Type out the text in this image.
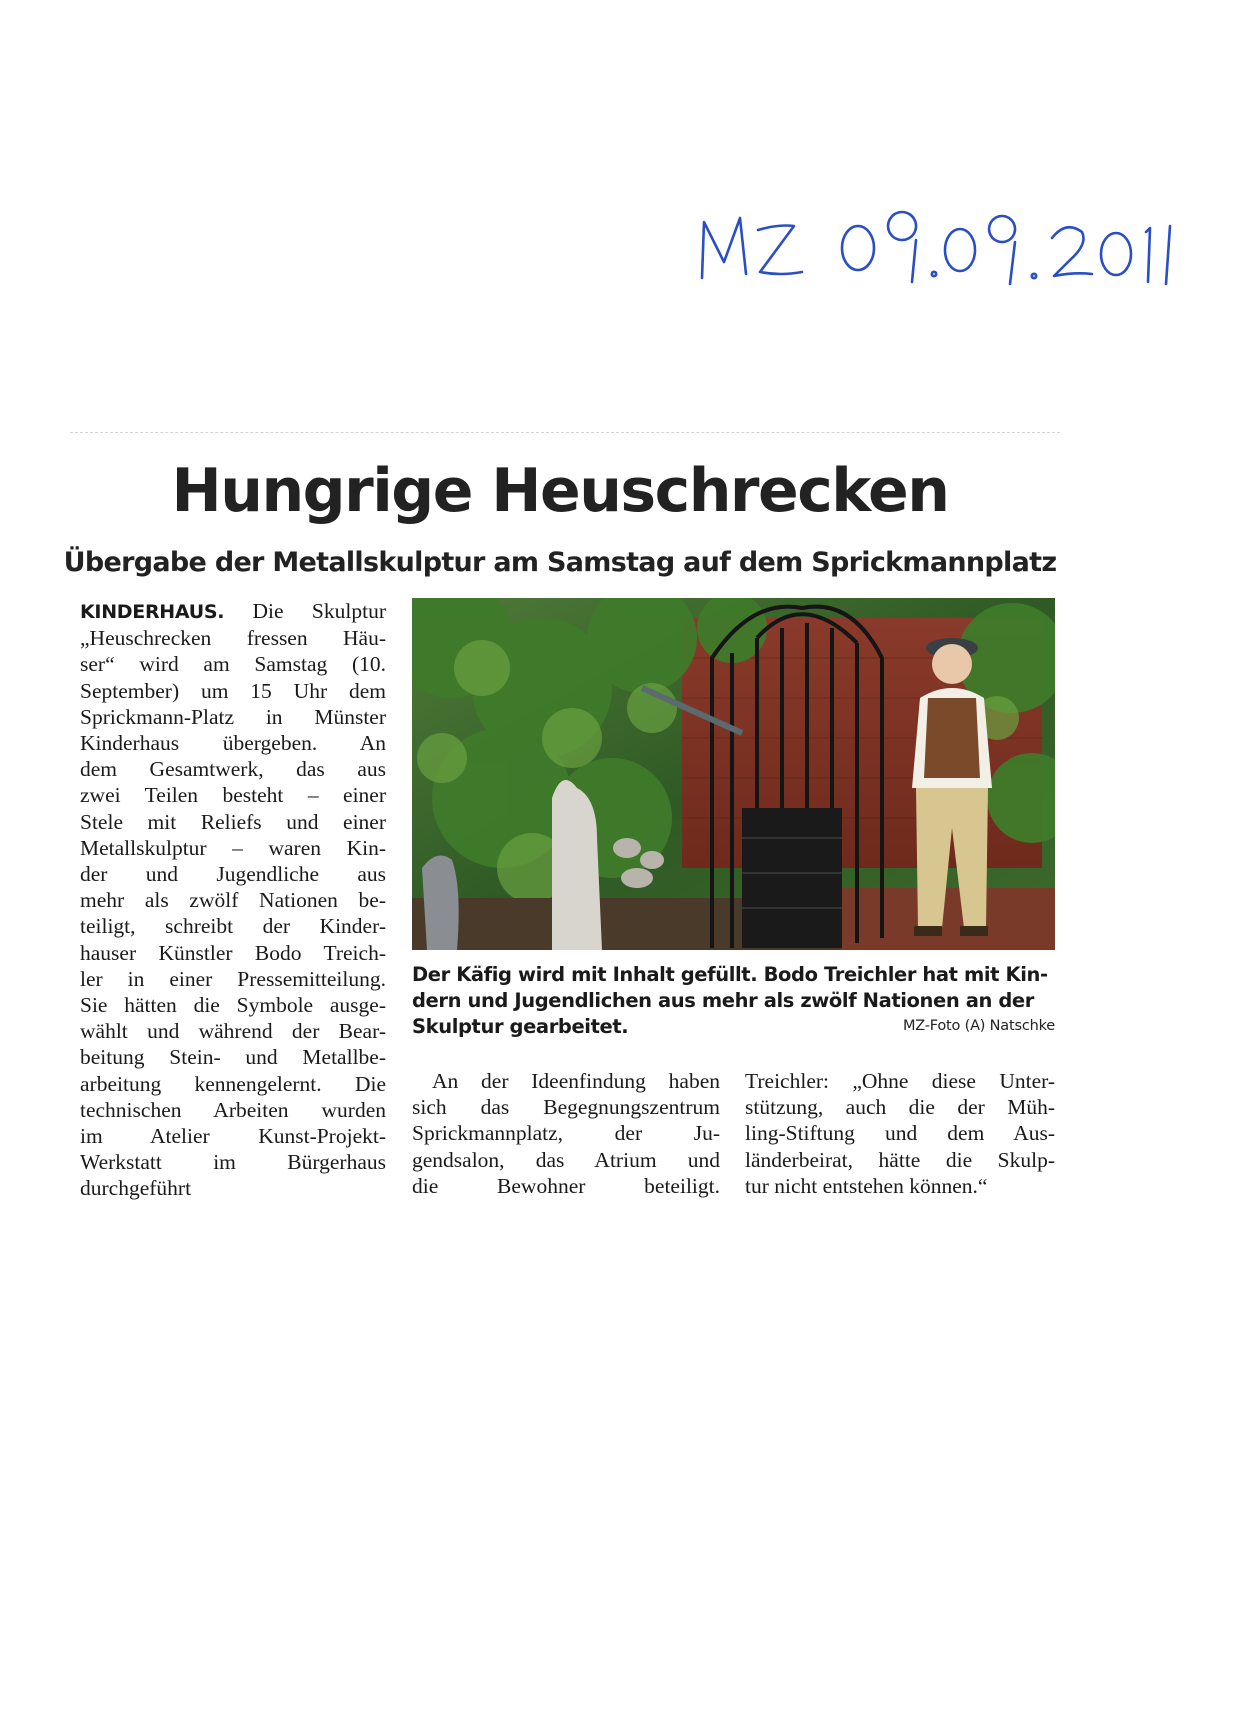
Hungrige Heuschrecken
Übergabe der Metallskulptur am Samstag auf dem Sprickmannplatz
KINDERHAUS. Die Skulptur
„Heuschrecken fressen Häu-
ser“ wird am Samstag (10.
September) um 15 Uhr dem
Sprickmann-Platz in Münster
Kinderhaus übergeben. An
dem Gesamtwerk, das aus
zwei Teilen besteht – einer
Stele mit Reliefs und einer
Metallskulptur – waren Kin-
der und Jugendliche aus
mehr als zwölf Nationen be-
teiligt, schreibt der Kinder-
hauser Künstler Bodo Treich-
ler in einer Pressemitteilung.
Sie hätten die Symbole ausge-
wählt und während der Bear-
beitung Stein- und Metallbe-
arbeitung kennengelernt. Die
technischen Arbeiten wurden
im Atelier Kunst-Projekt-
Werkstatt im Bürgerhaus
durchgeführt
Der Käfig wird mit Inhalt gefüllt. Bodo Treichler hat mit Kin-
dern und Jugendlichen aus mehr als zwölf Nationen an der
Skulptur gearbeitet.	MZ-Foto (A) Natschke
An der Ideenfindung haben
sich das Begegnungszentrum
Sprickmannplatz, der Ju-
gendsalon, das Atrium und
die Bewohner beteiligt.
Treichler: „Ohne diese Unter-
stützung, auch die der Müh-
ling-Stiftung und dem Aus-
länderbeirat, hätte die Skulp-
tur nicht entstehen können.“
